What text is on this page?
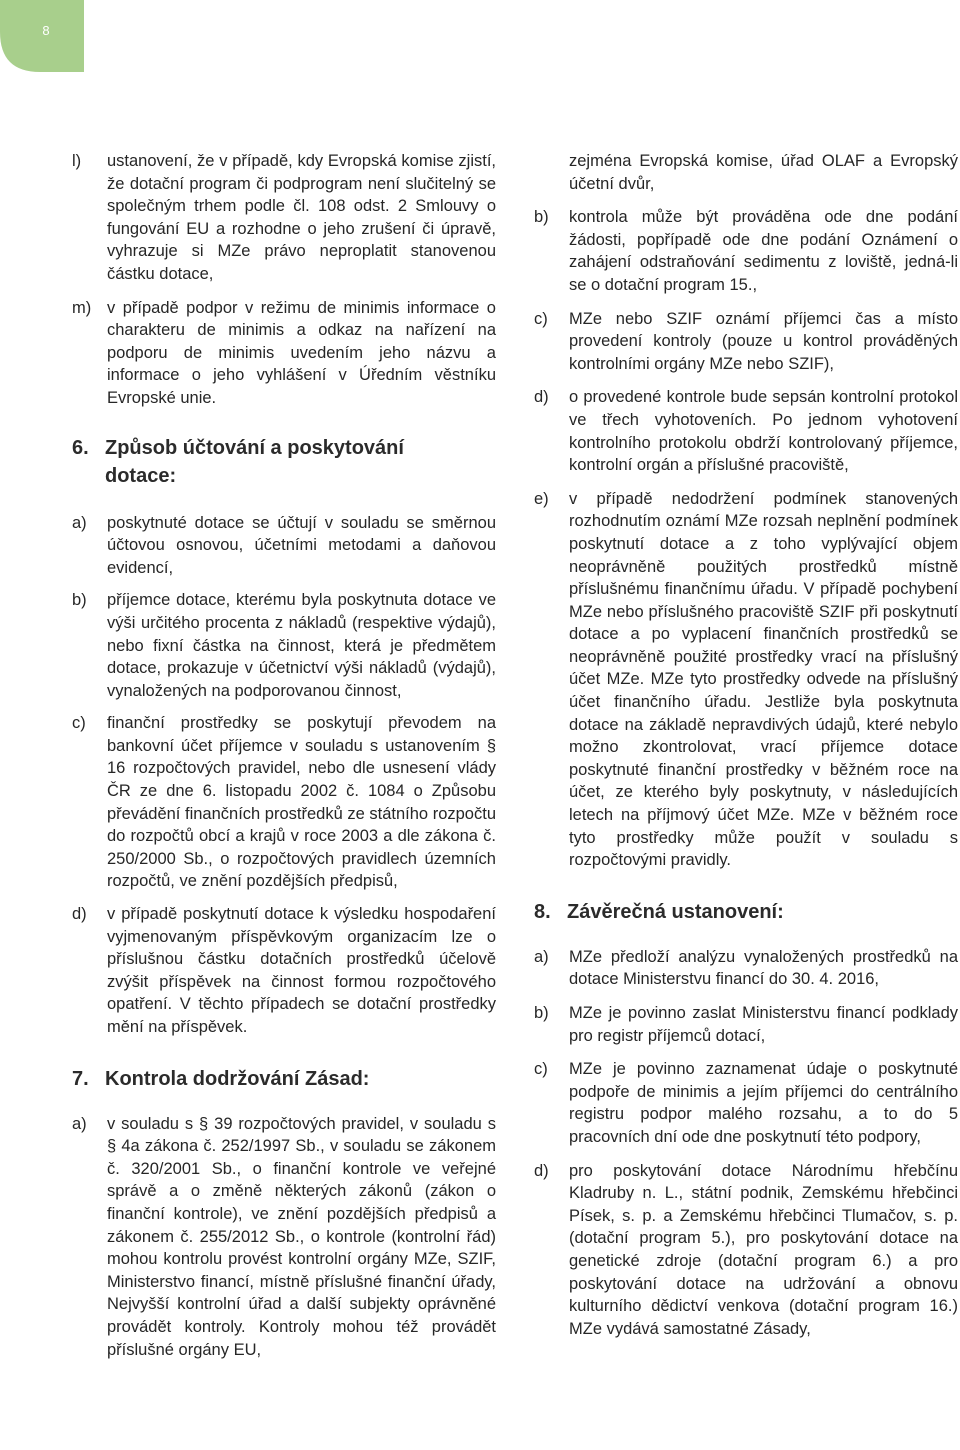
8
l)	ustanovení, že v případě, kdy Evropská komise zjistí, že dotační program či podprogram není slučitelný se společným trhem podle čl. 108 odst. 2 Smlouvy o fungování EU a rozhodne o jeho zrušení či úpravě, vyhrazuje si MZe právo neproplatit stanovenou částku dotace,
m) v případě podpor v režimu de minimis informace o charakteru de minimis a odkaz na nařízení na podporu de minimis uvedením jeho názvu a informace o jeho vyhlášení v Úředním věstníku Evropské unie.
6. Způsob účtování a poskytování
dotace:
a)	poskytnuté dotace se účtují v souladu se směrnou účtovou osnovou, účetními metodami a daňovou evidencí,
b)	příjemce dotace, kterému byla poskytnuta dotace ve výši určitého procenta z nákladů (respektive výdajů), nebo fixní částka na činnost, která je předmětem dotace, prokazuje v účetnictví výši nákladů (výdajů), vynaložených na podporovanou činnost,
c)	finanční prostředky se poskytují převodem na bankovní účet příjemce v souladu s ustanovením § 16 rozpočtových pravidel, nebo dle usnesení vlády ČR ze dne 6. listopadu 2002 č. 1084 o Způsobu převádění finančních prostředků ze státního rozpočtu do rozpočtů obcí a krajů v roce 2003 a dle zákona č. 250/2000 Sb., o rozpočtových pravidlech územních rozpočtů, ve znění pozdějších předpisů,
d)	v případě poskytnutí dotace k výsledku hospodaření vyjmenovaným příspěvkovým organizacím lze o příslušnou částku dotačních prostředků účelově zvýšit příspěvek na činnost formou rozpočtového opatření. V těchto případech se dotační prostředky mění na příspěvek.
7. Kontrola dodržování Zásad:
a)	v souladu s § 39 rozpočtových pravidel, v souladu s § 4a zákona č. 252/1997 Sb., v souladu se zákonem č. 320/2001 Sb., o finanční kontrole ve veřejné správě a o změně některých zákonů (zákon o finanční kontrole), ve znění pozdějších předpisů a zákonem č. 255/2012 Sb., o kontrole (kontrolní řád) mohou kontrolu provést kontrolní orgány MZe, SZIF, Ministerstvo financí, místně příslušné finanční úřady, Nejvyšší kontrolní úřad a další subjekty oprávněné provádět kontroly. Kontroly mohou též provádět příslušné orgány EU,
zejména Evropská komise, úřad OLAF a Evropský účetní dvůr,
b)	kontrola může být prováděna ode dne podání žádosti, popřípadě ode dne podání Oznámení o zahájení odstraňování sedimentu z loviště, jedná-li se o dotační program 15.,
c)	MZe nebo SZIF oznámí příjemci čas a místo provedení kontroly (pouze u kontrol prováděných kontrolními orgány MZe nebo SZIF),
d)	o provedené kontrole bude sepsán kontrolní protokol ve třech vyhotoveních. Po jednom vyhotovení kontrolního protokolu obdrží kontrolovaný příjemce, kontrolní orgán a příslušné pracoviště,
e)	v případě nedodržení podmínek stanovených rozhodnutím oznámí MZe rozsah neplnění podmínek poskytnutí dotace a z toho vyplývající objem neoprávněně použitých prostředků místně příslušnému finančnímu úřadu. V případě pochybení MZe nebo příslušného pracoviště SZIF při poskytnutí dotace a po vyplacení finančních prostředků se neoprávněně použité prostředky vrací na příslušný účet MZe. MZe tyto prostředky odvede na příslušný účet finančního úřadu. Jestliže byla poskytnuta dotace na základě nepravdivých údajů, které nebylo možno zkontrolovat, vrací příjemce dotace poskytnuté finanční prostředky v běžném roce na účet, ze kterého byly poskytnuty, v následujících letech na příjmový účet MZe. MZe v běžném roce tyto prostředky může použít v souladu s rozpočtovými pravidly.
8. Závěrečná ustanovení:
a)	MZe předloží analýzu vynaložených prostředků na dotace Ministerstvu financí do 30. 4. 2016,
b)	MZe je povinno zaslat Ministerstvu financí podklady pro registr příjemců dotací,
c)	MZe je povinno zaznamenat údaje o poskytnuté podpoře de minimis a jejím příjemci do centrálního registru podpor malého rozsahu, a to do 5 pracovních dní ode dne poskytnutí této podpory,
d)	pro poskytování dotace Národnímu hřebčínu Kladruby n. L., státní podnik, Zemskému hřebčinci Písek, s. p. a Zemskému hřebčinci Tlumačov, s. p. (dotační program 5.), pro poskytování dotace na genetické zdroje (dotační program 6.) a pro poskytování dotace na udržování a obnovu kulturního dědictví venkova (dotační program 16.) MZe vydává samostatné Zásady,
